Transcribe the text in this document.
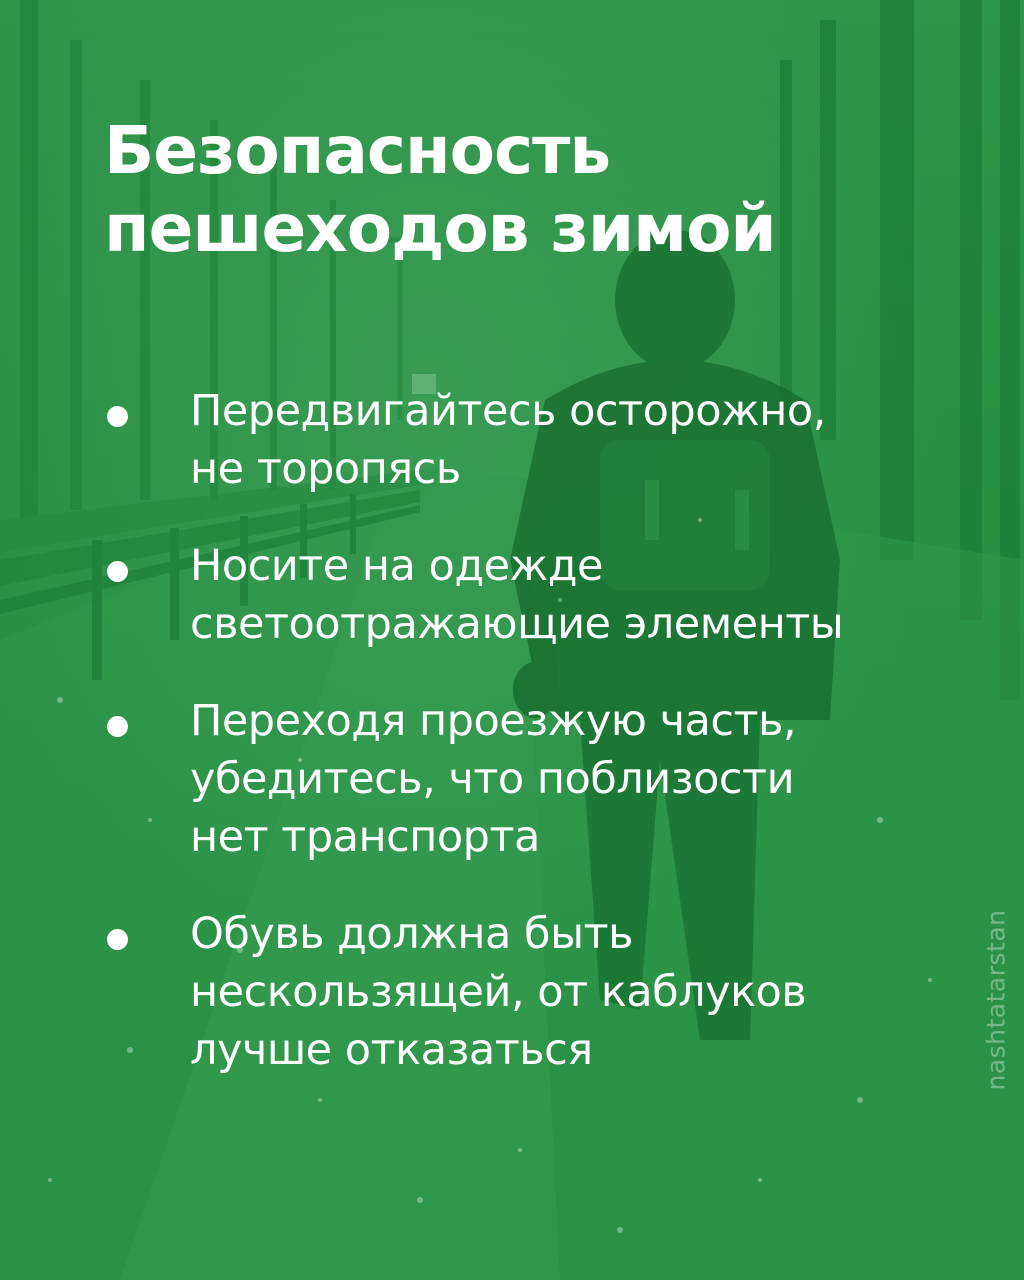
Безопасность
пешеходов зимой
Передвигайтесь осторожно,
не торопясь
Носите на одежде
светоотражающие элементы
Переходя проезжую часть,
убедитесь, что поблизости
нет транспорта
Обувь должна быть
нескользящей, от каблуков
лучше отказаться	nashtatarstan
